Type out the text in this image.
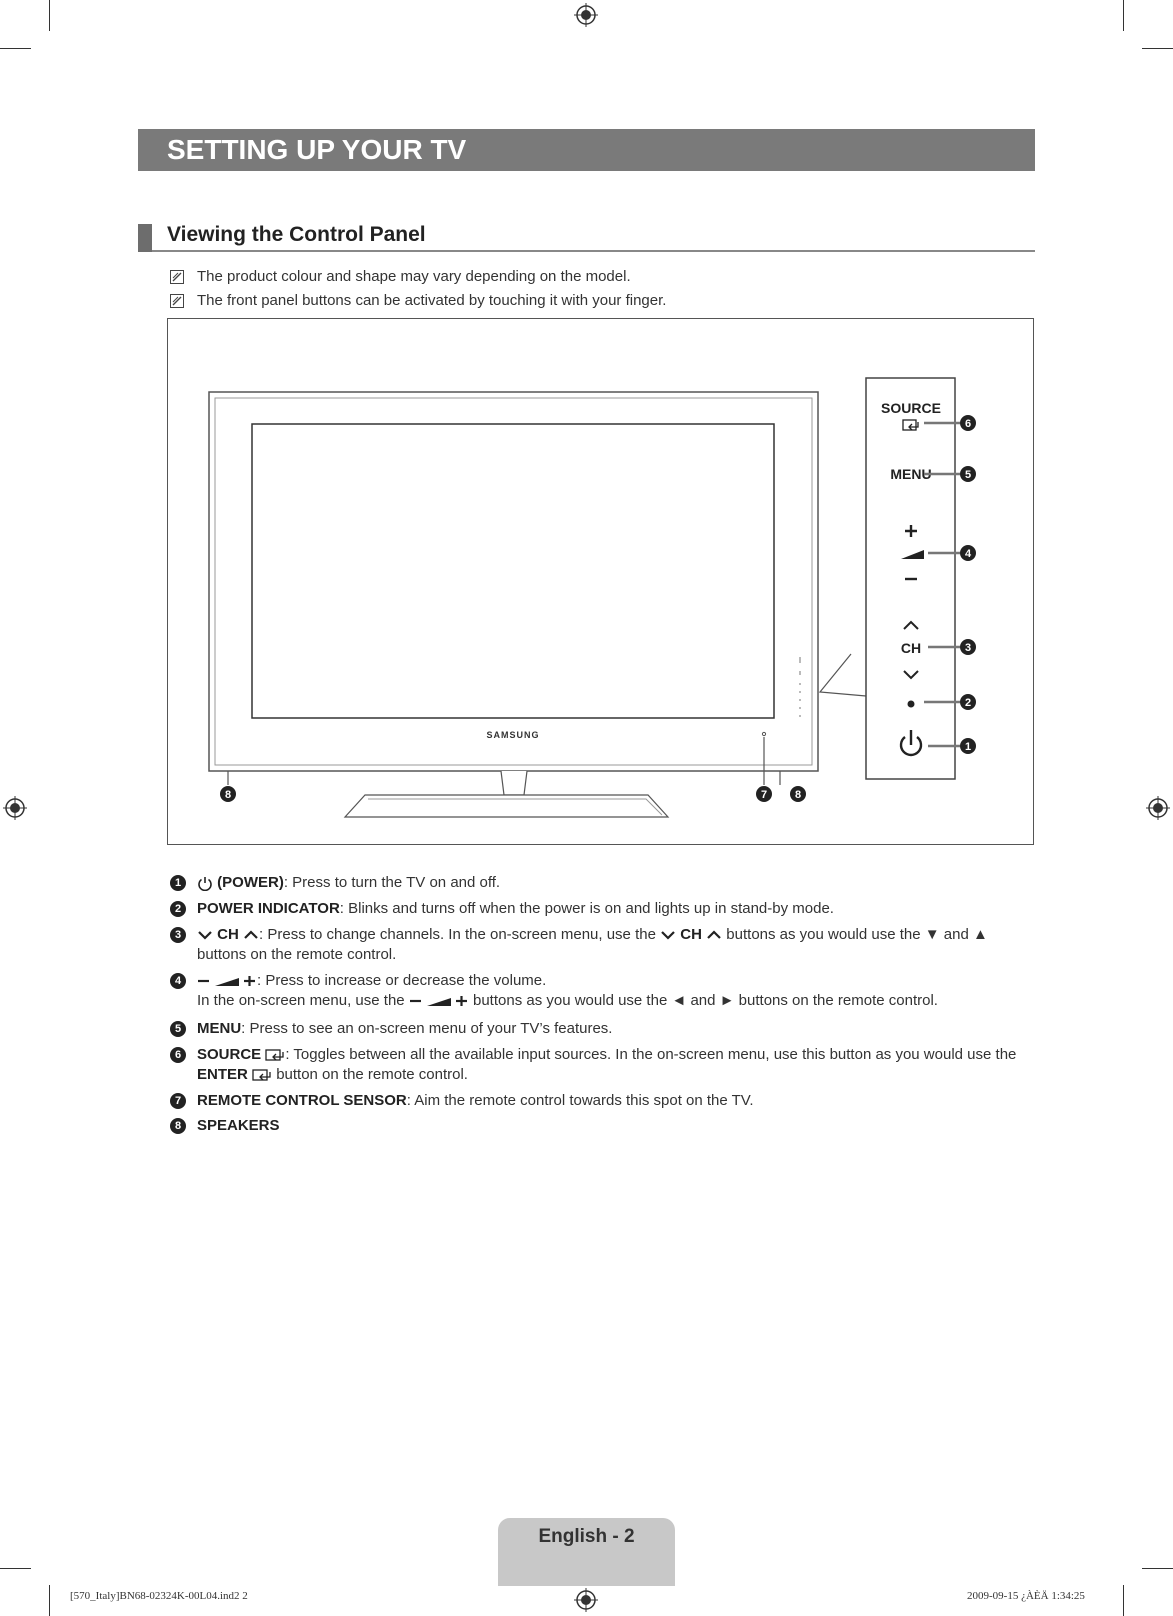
SETTING UP YOUR TV
Viewing the Control Panel
The product colour and shape may vary depending on the model.
The front panel buttons can be activated by touching it with your finger.
SAMSUNG
SOURCE
MENU
CH
6
5
4
3
2
1
8	7	8
1	(POWER): Press to turn the TV on and off.
2	POWER INDICATOR: Blinks and turns off when the power is on and lights up in stand-by mode.
3	CH : Press to change channels. In the on-screen menu, use the CH buttons as you would use the ▼ and ▲
buttons on the remote control.
4	: Press to increase or decrease the volume.
In the on-screen menu, use the	buttons as you would use the ◄ and ► buttons on the remote control.
5	MENU: Press to see an on-screen menu of your TV’s features.
6	SOURCE : Toggles between all the available input sources. In the on-screen menu, use this button as you would use the
ENTER button on the remote control.
7	REMOTE CONTROL SENSOR: Aim the remote control towards this spot on the TV.
8	SPEAKERS
English - 2
[570_Italy]BN68-02324K-00L04.ind2 2	2009-09-15 ¿ÀÈÄ 1:34:25
